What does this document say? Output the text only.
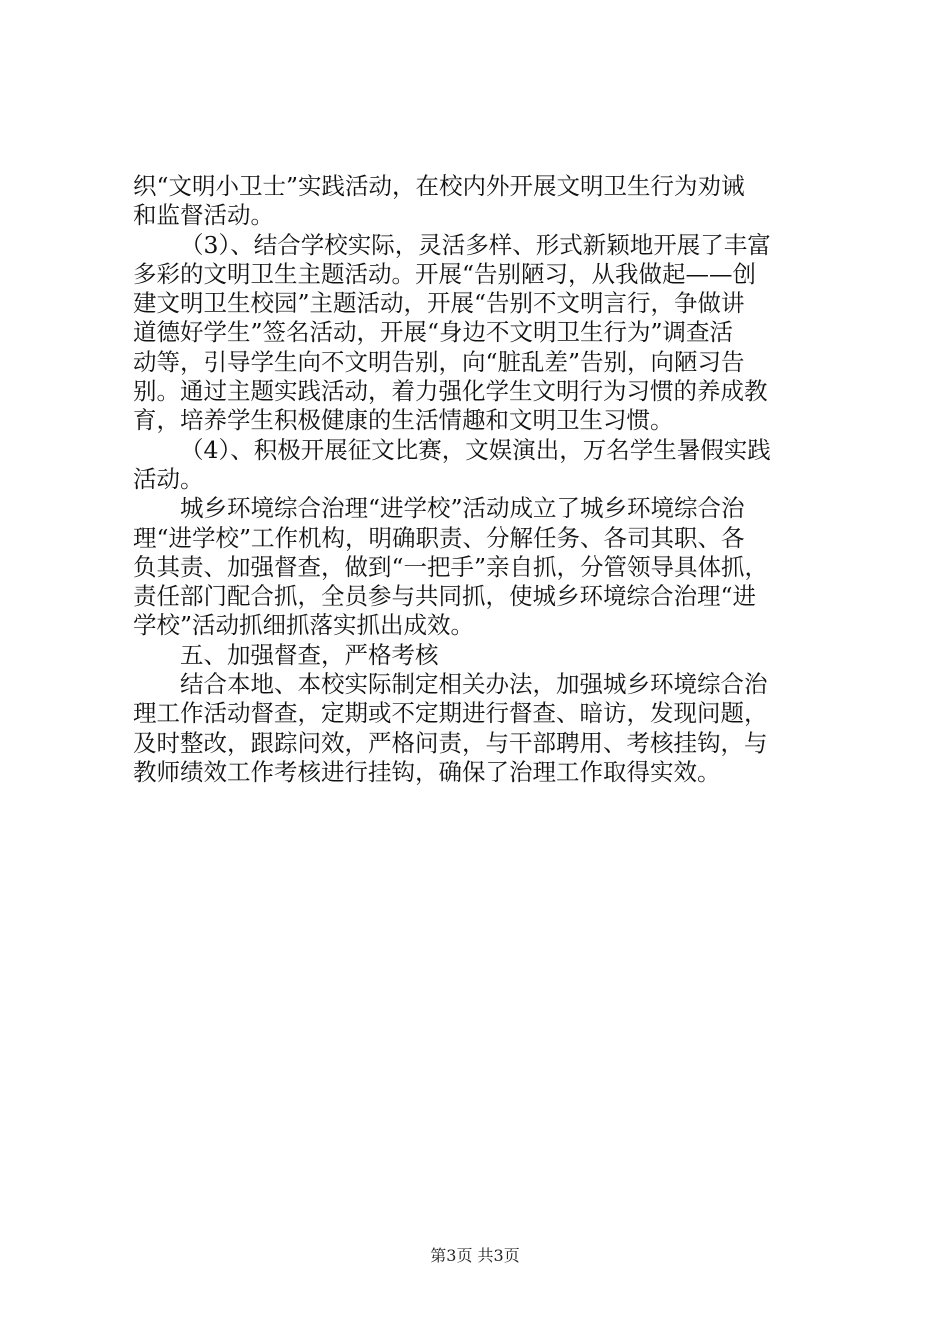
织“文明小卫士”实践活动，在校内外开展文明卫生行为劝诫

和监督活动。

（3）、结合学校实际，灵活多样、形式新颖地开展了丰富

多彩的文明卫生主题活动。开展“告别陋习，从我做起——创

建文明卫生校园”主题活动，开展“告别不文明言行，争做讲

道德好学生”签名活动，开展“身边不文明卫生行为”调查活

动等，引导学生向不文明告别，向“脏乱差”告别，向陋习告

别。通过主题实践活动，着力强化学生文明行为习惯的养成教

育，培养学生积极健康的生活情趣和文明卫生习惯。

（4）、积极开展征文比赛，文娱演出，万名学生暑假实践

活动。

城乡环境综合治理“进学校”活动成立了城乡环境综合治

理“进学校”工作机构，明确职责、分解任务、各司其职、各

负其责、加强督查，做到“一把手”亲自抓，分管领导具体抓，

责任部门配合抓，全员参与共同抓，使城乡环境综合治理“进

学校”活动抓细抓落实抓出成效。

五、加强督查，严格考核

结合本地、本校实际制定相关办法，加强城乡环境综合治

理工作活动督查，定期或不定期进行督查、暗访，发现问题，

及时整改，跟踪问效，严格问责，与干部聘用、考核挂钩，与

教师绩效工作考核进行挂钩，确保了治理工作取得实效。

第3页 共3页
